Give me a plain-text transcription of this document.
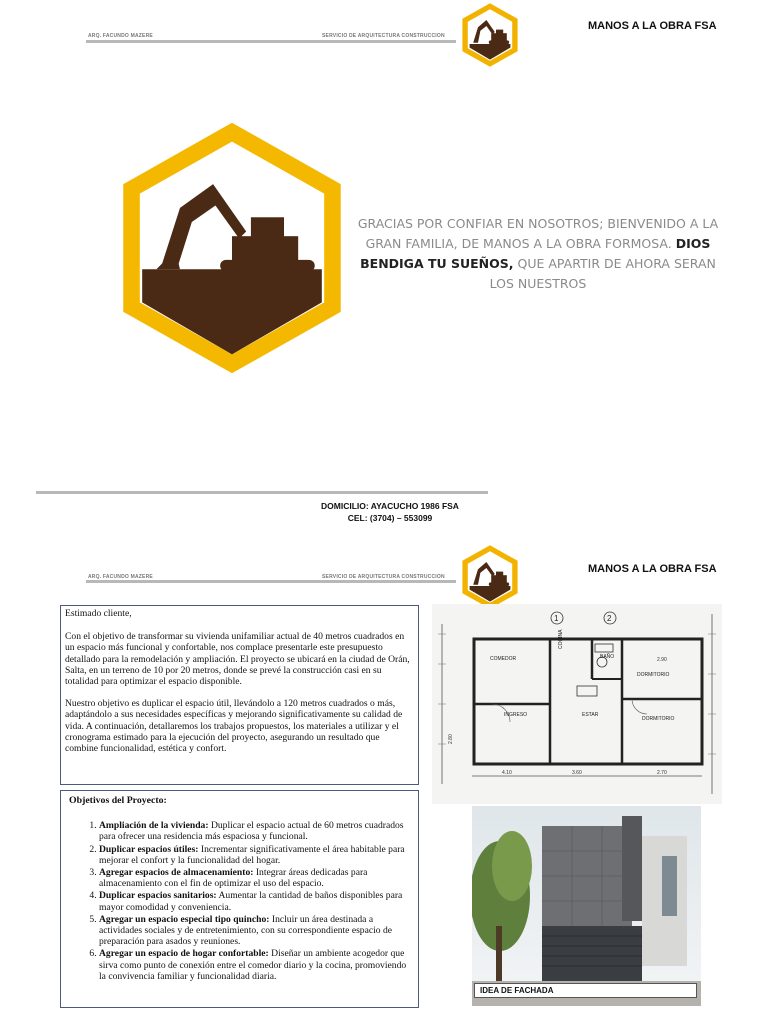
ARQ. FACUNDO MAZERE	SERVICIO DE ARQUITECTURA CONSTRUCCION
MANOS A LA OBRA FSA
GRACIAS POR CONFIAR EN NOSOTROS; BIENVENIDO A LA GRAN FAMILIA, DE MANOS A LA OBRA FORMOSA. DIOS BENDIGA TU SUEÑOS, QUE APARTIR DE AHORA SERAN LOS NUESTROS
DOMICILIO: AYACUCHO 1986 FSA
CEL: (3704) – 553099
ARQ. FACUNDO MAZERE	SERVICIO DE ARQUITECTURA CONSTRUCCION
MANOS A LA OBRA FSA

Estimado cliente,

Con el objetivo de transformar su vivienda unifamiliar actual de 40 metros cuadrados en un espacio más funcional y confortable, nos complace presentarle este presupuesto detallado para la remodelación y ampliación. El proyecto se ubicará en la ciudad de Orán, Salta, en un terreno de 10 por 20 metros, donde se prevé la construcción casi en su totalidad para optimizar el espacio disponible.

Nuestro objetivo es duplicar el espacio útil, llevándolo a 120 metros cuadrados o más, adaptándolo a sus necesidades específicas y mejorando significativamente su calidad de vida. A continuación, detallaremos los trabajos propuestos, los materiales a utilizar y el cronograma estimado para la ejecución del proyecto, asegurando un resultado que combine funcionalidad, estética y confort.

Objetivos del Proyecto:
1. Ampliación de la vivienda: Duplicar el espacio actual de 60 metros cuadrados para ofrecer una residencia más espaciosa y funcional.
2. Duplicar espacios útiles: Incrementar significativamente el área habitable para mejorar el confort y la funcionalidad del hogar.
3. Agregar espacios de almacenamiento: Integrar áreas dedicadas para almacenamiento con el fin de optimizar el uso del espacio.
4. Duplicar espacios sanitarios: Aumentar la cantidad de baños disponibles para mayor comodidad y conveniencia.
5. Agregar un espacio especial tipo quincho: Incluir un área destinada a actividades sociales y de entretenimiento, con su correspondiente espacio de preparación para asados y reuniones.
6. Agregar un espacio de hogar confortable: Diseñar un ambiente acogedor que sirva como punto de conexión entre el comedor diario y la cocina, promoviendo la convivencia familiar y funcionalidad diaria.
1	2
COMEDOR
COCINA
BAÑO
DORMITORIO
DORMITORIO
INGRESO	ESTAR
4.10	3.60	2.70
2.90
2.80
IDEA DE FACHADA
